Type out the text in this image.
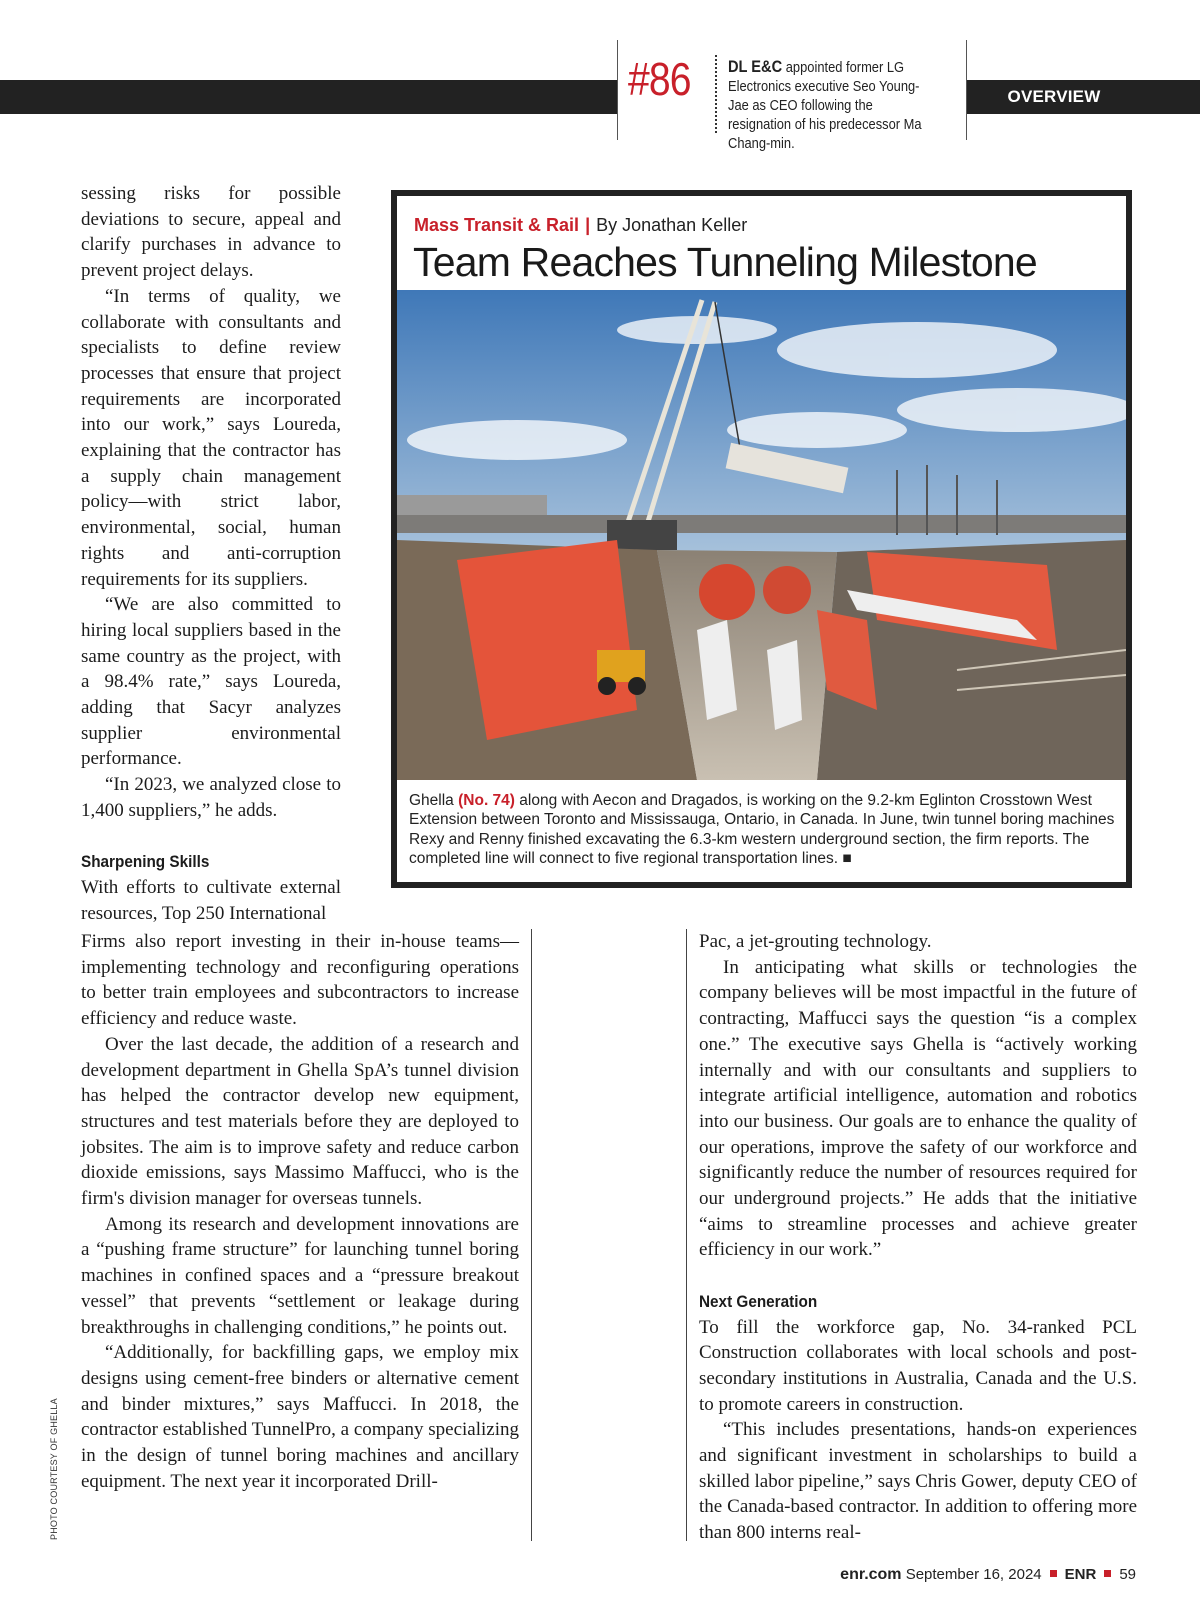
#86 DL E&C appointed former LG Electronics executive Seo Young-Jae as CEO following the resignation of his predecessor Ma Chang-min.
OVERVIEW
Mass Transit & Rail | By Jonathan Keller
Team Reaches Tunneling Milestone
Ghella (No. 74) along with Aecon and Dragados, is working on the 9.2-km Eglinton Crosstown West Extension between Toronto and Mississauga, Ontario, in Canada. In June, twin tunnel boring machines Rexy and Renny finished excavating the 6.3-km western underground section, the firm reports. The completed line will connect to five regional transportation lines. ■

sessing risks for possible deviations to secure, appeal and clarify purchases in advance to prevent project delays.

“In terms of quality, we collaborate with consultants and specialists to define review processes that ensure that project requirements are incorporated into our work,” says Loureda, explaining that the contractor has a supply chain management policy—with strict labor, environmental, social, human rights and anti-corruption requirements for its suppliers.

“We are also committed to hiring local suppliers based in the same country as the project, with a 98.4% rate,” says Loureda, adding that Sacyr analyzes supplier environmental performance.

“In 2023, we analyzed close to 1,400 suppliers,” he adds.

Sharpening Skills

With efforts to cultivate external resources, Top 250 International

Firms also report investing in their in-house teams—implementing technology and reconfiguring operations to better train employees and subcontractors to increase efficiency and reduce waste.

Over the last decade, the addition of a research and development department in Ghella SpA’s tunnel division has helped the contractor develop new equipment, structures and test materials before they are deployed to jobsites. The aim is to improve safety and reduce carbon dioxide emissions, says Massimo Maffucci, who is the firm's division manager for overseas tunnels.

Among its research and development innovations are a “pushing frame structure” for launching tunnel boring machines in confined spaces and a “pressure breakout vessel” that prevents “settlement or leakage during breakthroughs in challenging conditions,” he points out.

“Additionally, for backfilling gaps, we employ mix designs using cement-free binders or alternative cement and binder mixtures,” says Maffucci. In 2018, the contractor established TunnelPro, a company specializing in the design of tunnel boring machines and ancillary equipment. The next year it incorporated Drill-

Pac, a jet-grouting technology.

In anticipating what skills or technologies the company believes will be most impactful in the future of contracting, Maffucci says the question “is a complex one.” The executive says Ghella is “actively working internally and with our consultants and suppliers to integrate artificial intelligence, automation and robotics into our business. Our goals are to enhance the quality of our operations, improve the safety of our workforce and significantly reduce the number of resources required for our underground projects.” He adds that the initiative “aims to streamline processes and achieve greater efficiency in our work.”

Next Generation

To fill the workforce gap, No. 34-ranked PCL Construction collaborates with local schools and post-secondary institutions in Australia, Canada and the U.S. to promote careers in construction.

“This includes presentations, hands-on experiences and significant investment in scholarships to build a skilled labor pipeline,” says Chris Gower, deputy CEO of the Canada-based contractor. In addition to offering more than 800 interns real-

PHOTO COURTESY OF GHELLA
enr.com September 16, 2024 ENR 59
